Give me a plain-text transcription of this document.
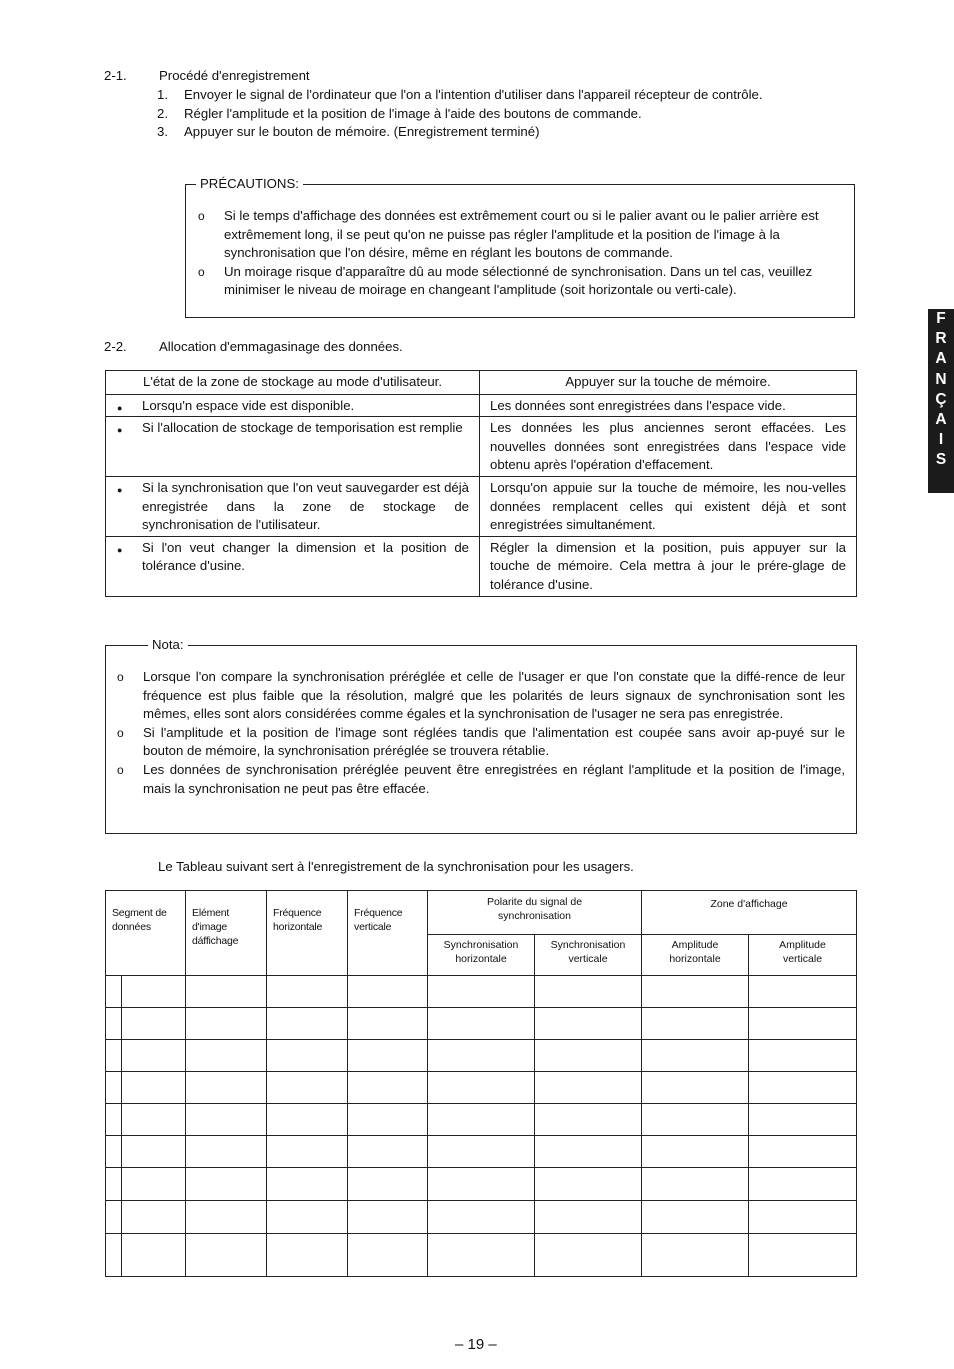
2-1. Procédé d'enregistrement
1. Envoyer le signal de l'ordinateur que l'on a l'intention d'utiliser dans l'appareil récepteur de contrôle.
2. Régler l'amplitude et la position de l'image à l'aide des boutons de commande.
3. Appuyer sur le bouton de mémoire. (Enregistrement terminé)
PRÉCAUTIONS:
o Si le temps d'affichage des données est extrêmement court ou si le palier avant ou le palier arrière est extrêmement long, il se peut qu'on ne puisse pas régler l'amplitude et la position de l'image à la synchronisation que l'on désire, même en réglant les boutons de commande.
o Un moirage risque d'apparaître dû au mode sélectionné de synchronisation. Dans un tel cas, veuillez minimiser le niveau de moirage en changeant l'amplitude (soit horizontale ou verti-cale).
2-2. Allocation d'emmagasinage des données.
L'état de la zone de stockage au mode d'utilisateur.	Appuyer sur la touche de mémoire.

● Lorsqu'n espace vide est disponible.	Les données sont enregistrées dans l'espace vide.

● Si l'allocation de stockage de temporisation est remplie	Les données les plus anciennes seront effacées. Les nouvelles données sont enregistrées dans l'espace vide obtenu après l'opération d'effacement.

● Si la synchronisation que l'on veut sauvegarder est déjà enregistrée dans la zone de stockage de synchronisation de l'utilisateur.	Lorsqu'on appuie sur la touche de mémoire, les nou-velles données remplacent celles qui existent déjà et sont enregistrées simultanément.

● Si l'on veut changer la dimension et la position de tolérance d'usine.	Régler la dimension et la position, puis appuyer sur la touche de mémoire. Cela mettra à jour le prére-glage de tolérance d'usine.
Nota:
o Lorsque l'on compare la synchronisation préréglée et celle de l'usager er que l'on constate que la diffé-rence de leur fréquence est plus faible que la résolution, malgré que les polarités de leurs signaux de synchronisation sont les mêmes, elles sont alors considérées comme égales et la synchronisation de l'usager ne sera pas enregistrée.
o Si l'amplitude et la position de l'image sont réglées tandis que l'alimentation est coupée sans avoir ap-puyé sur le bouton de mémoire, la synchronisation préréglée se trouvera rétablie.
o Les données de synchronisation préréglée peuvent être enregistrées en réglant l'amplitude et la position de l'image, mais la synchronisation ne peut pas être effacée.
Le Tableau suivant sert à l'enregistrement de la synchronisation pour les usagers.
Segment de données		Elément d'image dáffichage	Fréquence horizontale	Fréquence verticale	Polarite du signal de synchronisation		Zone d'affichage	
					Synchronisation horizontale	Synchronisation verticale	Amplitude horizontale	Amplitude verticale

F
R
A
N
Ç
A
I
S
– 19 –
